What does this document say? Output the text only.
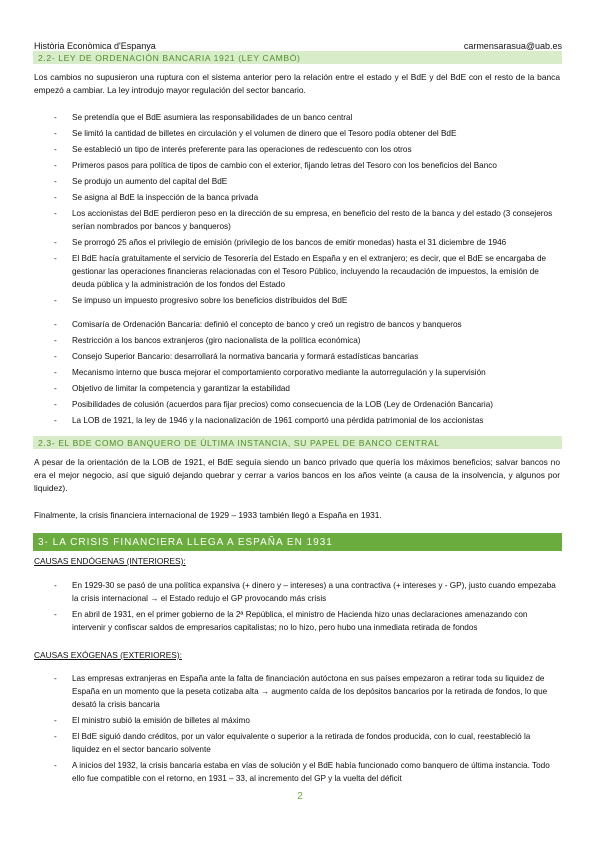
Història Econòmica d'Espanya	carmensarasua@uab.es
2.2- LEY DE ORDENACIÓN BANCARIA 1921 (LEY CAMBÓ)
Los cambios no supusieron una ruptura con el sistema anterior pero la relación entre el estado y el BdE y del BdE con el resto de la banca empezó a cambiar. La ley introdujo mayor regulación del sector bancario.
- Se pretendía que el BdE asumiera las responsabilidades de un banco central
- Se limitó la cantidad de billetes en circulación y el volumen de dinero que el Tesoro podía obtener del BdE
- Se estableció un tipo de interés preferente para las operaciones de redescuento con los otros
- Primeros pasos para política de tipos de cambio con el exterior, fijando letras del Tesoro con los beneficios del Banco
- Se produjo un aumento del capital del BdE
- Se asigna al BdE la inspección de la banca privada
- Los accionistas del BdE perdieron peso en la dirección de su empresa, en beneficio del resto de la banca y del estado (3 consejeros serían nombrados por bancos y banqueros)
- Se prorrogó 25 años el privilegio de emisión (privilegio de los bancos de emitir monedas) hasta el 31 diciembre de 1946
- El BdE hacía gratuitamente el servicio de Tesorería del Estado en España y en el extranjero; es decir, que el BdE se encargaba de gestionar las operaciones financieras relacionadas con el Tesoro Público, incluyendo la recaudación de impuestos, la emisión de deuda pública y la administración de los fondos del Estado
- Se impuso un impuesto progresivo sobre los beneficios distribuidos del BdE
- Comisaría de Ordenación Bancaria: definió el concepto de banco y creó un registro de bancos y banqueros
- Restricción a los bancos extranjeros (giro nacionalista de la política económica)
- Consejo Superior Bancario: desarrollará la normativa bancaria y formará estadísticas bancarias
- Mecanismo interno que busca mejorar el comportamiento corporativo mediante la autorregulación y la supervisión
- Objetivo de limitar la competencia y garantizar la estabilidad
- Posibilidades de colusión (acuerdos para fijar precios) como consecuencia de la LOB (Ley de Ordenación Bancaria)
- La LOB de 1921, la ley de 1946 y la nacionalización de 1961 comportó una pérdida patrimonial de los accionistas
2.3- EL BDE COMO BANQUERO DE ÚLTIMA INSTANCIA, SU PAPEL DE BANCO CENTRAL
A pesar de la orientación de la LOB de 1921, el BdE seguía siendo un banco privado que quería los máximos beneficios; salvar bancos no era el mejor negocio, así que siguió dejando quebrar y cerrar a varios bancos en los años veinte (a causa de la insolvencia, y algunos por liquidez).
Finalmente, la crisis financiera internacional de 1929 – 1933 también llegó a España en 1931.
3- LA CRISIS FINANCIERA LLEGA A ESPAÑA EN 1931
CAUSAS ENDÓGENAS (INTERIORES):
- En 1929-30 se pasó de una política expansiva (+ dinero y – intereses) a una contractiva (+ intereses y - GP), justo cuando empezaba la crisis internacional → el Estado redujo el GP provocando más crisis
- En abril de 1931, en el primer gobierno de la 2ª República, el ministro de Hacienda hizo unas declaraciones amenazando con intervenir y confiscar saldos de empresarios capitalistas; no lo hizo, pero hubo una inmediata retirada de fondos
CAUSAS EXÓGENAS (EXTERIORES):
- Las empresas extranjeras en España ante la falta de financiación autóctona en sus países empezaron a retirar toda su liquidez de España en un momento que la peseta cotizaba alta → augmento caída de los depósitos bancarios por la retirada de fondos, lo que desató la crisis bancaria
- El ministro subió la emisión de billetes al máximo
- El BdE siguió dando créditos, por un valor equivalente o superior a la retirada de fondos producida, con lo cual, reestableció la liquidez en el sector bancario solvente
- A inicios del 1932, la crisis bancaria estaba en vías de solución y el BdE había funcionado como banquero de última instancia. Todo ello fue compatible con el retorno, en 1931 – 33, al incremento del GP y la vuelta del déficit
2
